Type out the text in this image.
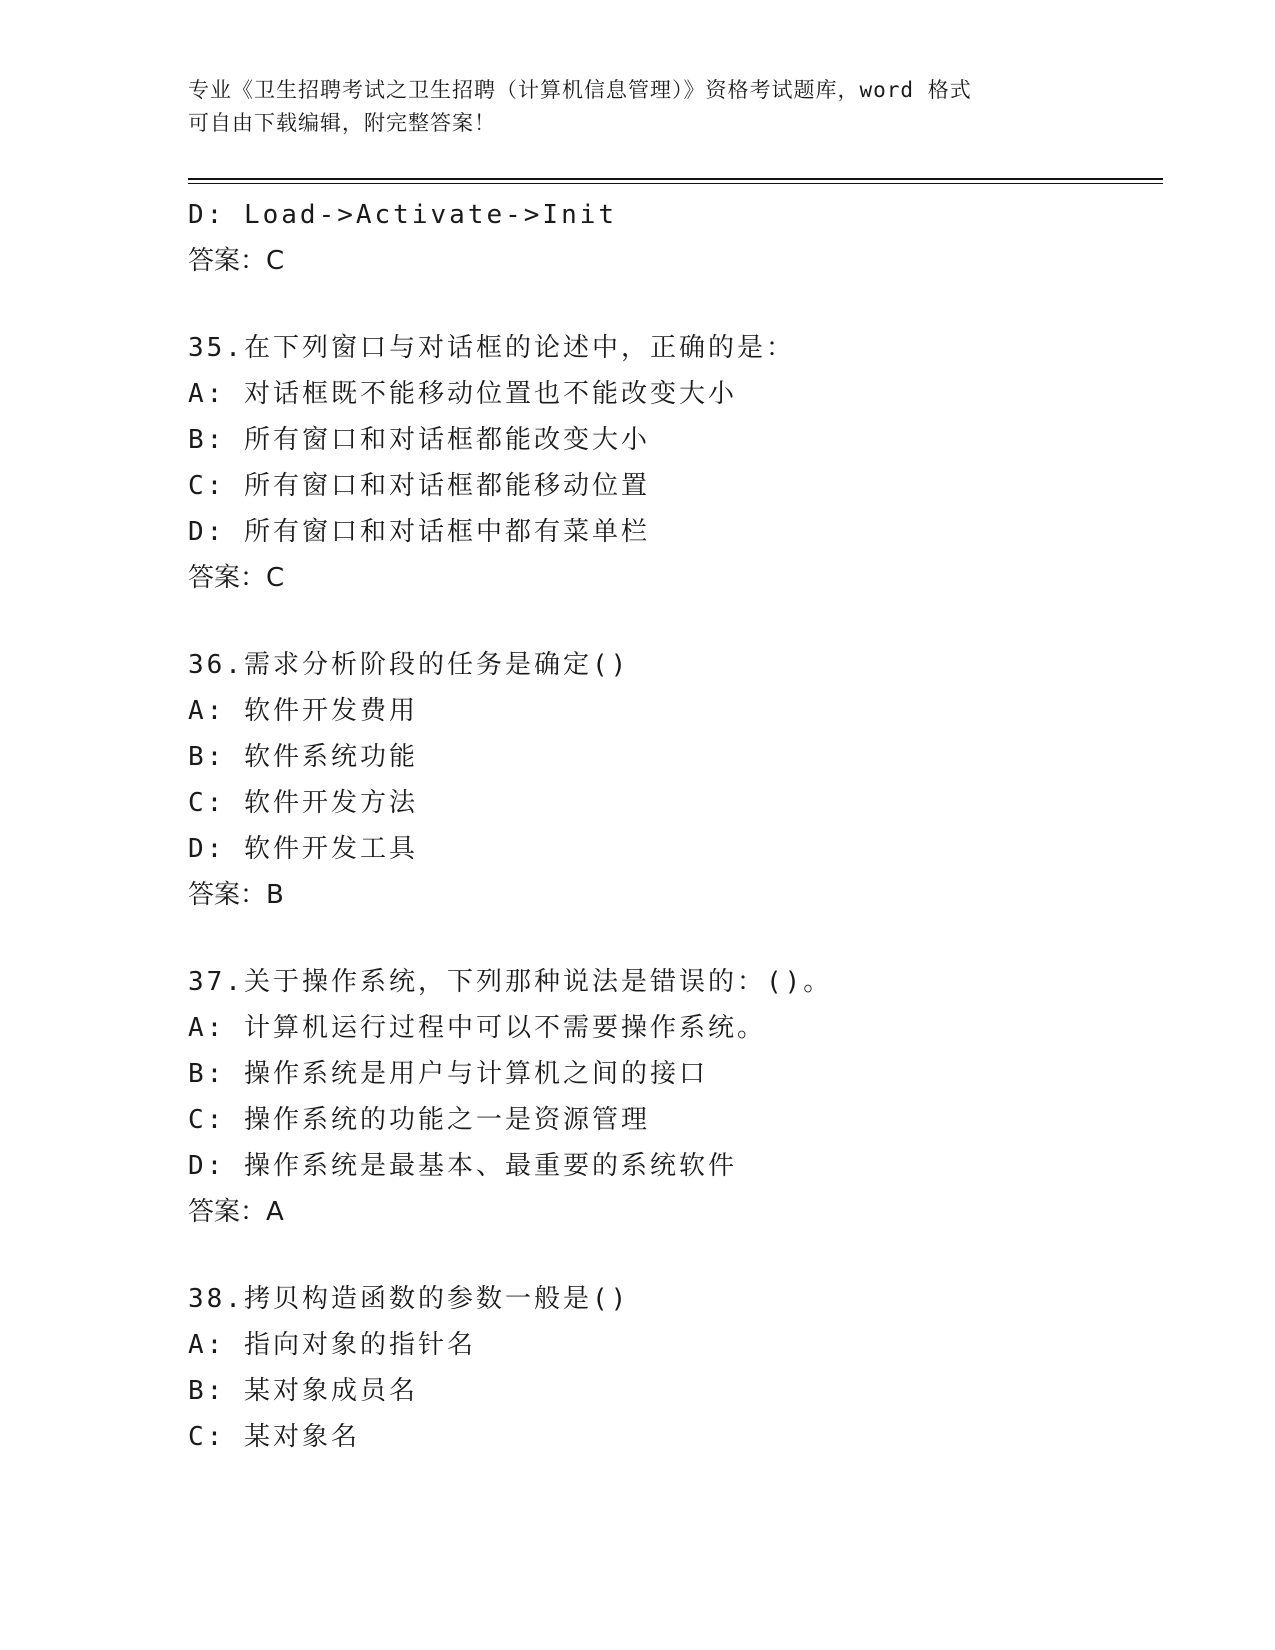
专业《卫生招聘考试之卫生招聘（计算机信息管理）》资格考试题库，word 格式
可自由下载编辑，附完整答案！
D: Load->Activate->Init
答案：C
35.在下列窗口与对话框的论述中，正确的是：
A: 对话框既不能移动位置也不能改变大小
B: 所有窗口和对话框都能改变大小
C: 所有窗口和对话框都能移动位置
D: 所有窗口和对话框中都有菜单栏
答案：C
36.需求分析阶段的任务是确定()
A: 软件开发费用
B: 软件系统功能
C: 软件开发方法
D: 软件开发工具
答案：B
37.关于操作系统，下列那种说法是错误的：()。
A: 计算机运行过程中可以不需要操作系统。
B: 操作系统是用户与计算机之间的接口
C: 操作系统的功能之一是资源管理
D: 操作系统是最基本、最重要的系统软件
答案：A
38.拷贝构造函数的参数一般是()
A: 指向对象的指针名
B: 某对象成员名
C: 某对象名
